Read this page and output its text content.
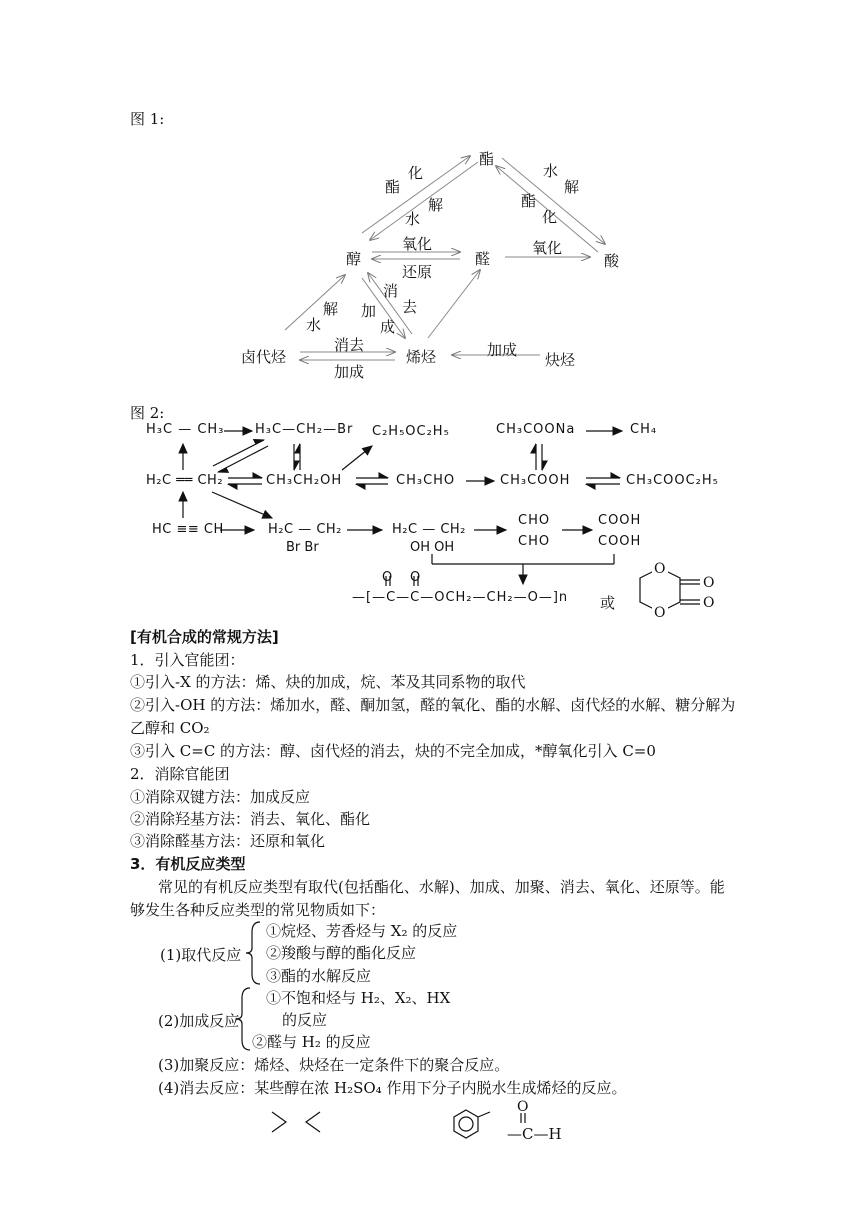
图 1:
酯
醇	醛	酸
卤代烃	烯烃	炔烃
酯
化
水
解
水
解
酯
化
氧化
还原
氧化
消
去
加
成
水
解
消去
加成
加成
图 2:
O
O
O
O
H₃C — CH₃ H₃C—CH₂—Br C₂H₅OC₂H₅	CH₃COONa	CH₄
H₂C ══ CH₂	CH₃CH₂OH	CH₃CHO	CH₃COOH	CH₃COOC₂H₅
HC ≡≡ CH	H₂C — CH₂
Br Br
H₂C — CH₂
OH OH
CHO
CHO
COOH
COOH
O O
—[—C—C—OCH₂—CH₂—O—]n 或
[有机合成的常规方法]
1．引入官能团：
①引入-X 的方法：烯、炔的加成，烷、苯及其同系物的取代
②引入-OH 的方法：烯加水，醛、酮加氢，醛的氧化、酯的水解、卤代烃的水解、糖分解为
乙醇和 CO₂
③引入 C=C 的方法：醇、卤代烃的消去，炔的不完全加成，*醇氧化引入 C=0
2．消除官能团
①消除双键方法：加成反应
②消除羟基方法：消去、氧化、酯化
③消除醛基方法：还原和氧化
3．有机反应类型
常见的有机反应类型有取代(包括酯化、水解)、加成、加聚、消去、氧化、还原等。能
够发生各种反应类型的常见物质如下：
(1)取代反应
①烷烃、芳香烃与 X₂ 的反应
②羧酸与醇的酯化反应
③酯的水解反应
(2)加成反应
①不饱和烃与 H₂、X₂、HX
的反应
②醛与 H₂ 的反应
(3)加聚反应：烯烃、炔烃在一定条件下的聚合反应。
(4)消去反应：某些醇在浓 H₂SO₄ 作用下分子内脱水生成烯烃的反应。
O
—C—H
